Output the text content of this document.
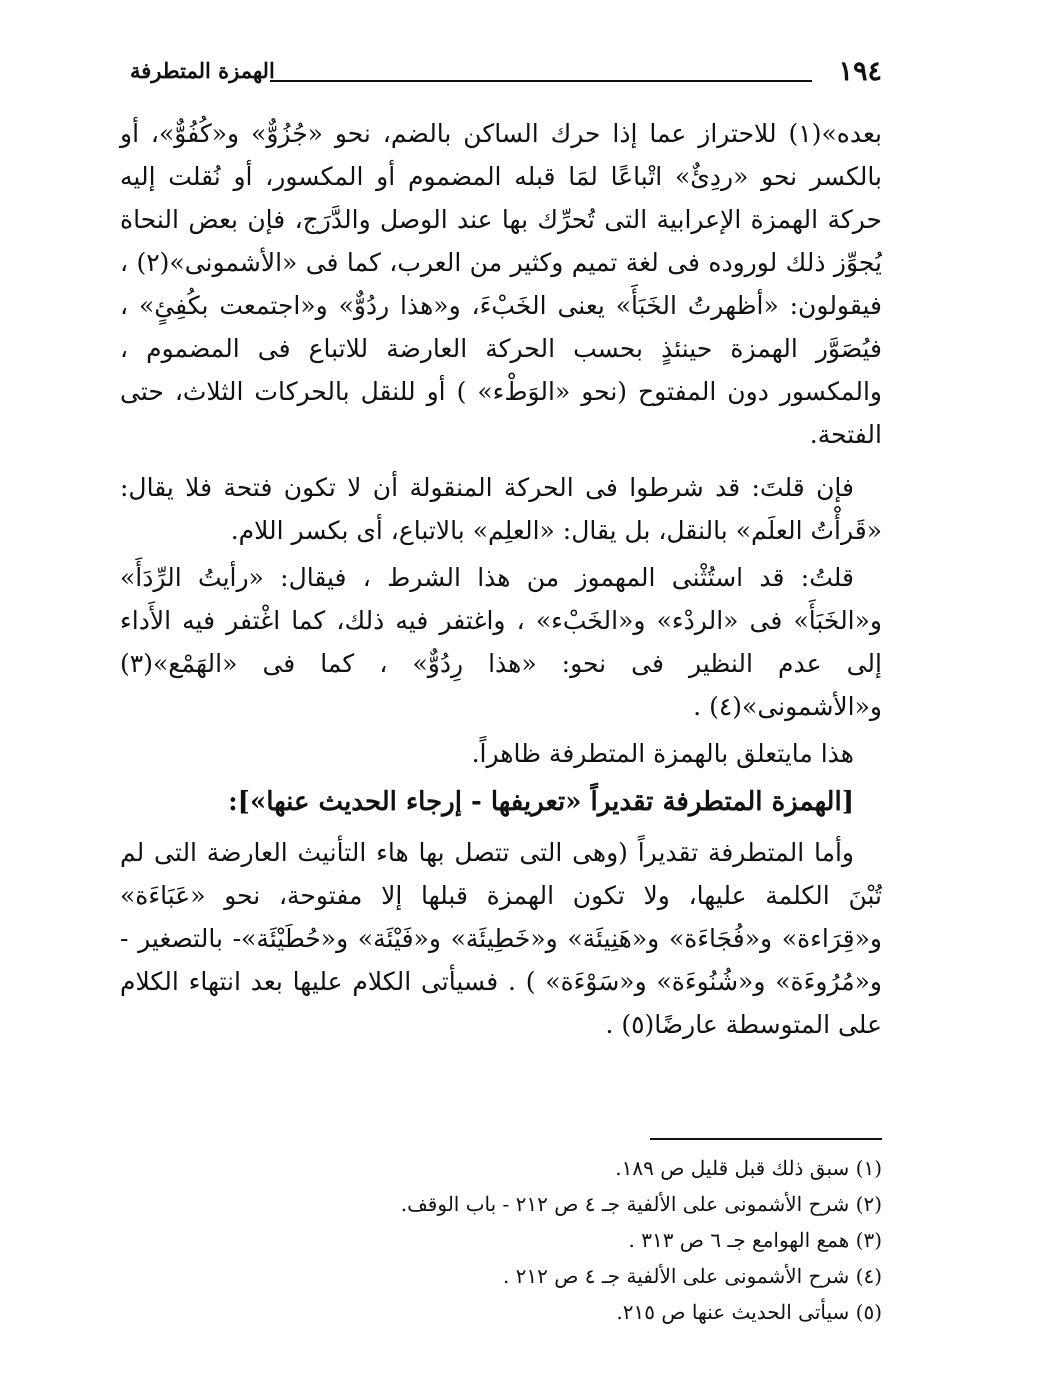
١٩٤
الهمزة المتطرفة

بعده»(١) للاحتراز عما إذا حرك الساكن بالضم، نحو «جُزُوٌّ» و«كُفُوٌّ»، أو بالكسر نحو «ردِئٌ» اتْباعًا لمَا قبله المضموم أو المكسور، أو نُقلت إليه حركة الهمزة الإعرابية التى تُحرِّك بها عند الوصل والدَّرَج، فإن بعض النحاة يُجوِّز ذلك لوروده فى لغة تميم وكثير من العرب، كما فى «الأشمونى»(٢) ، فيقولون: «أظهرتُ الخَبَأَ» يعنى الخَبْءَ، و«هذا ردُوٌّ» و«اجتمعت بكُفِئٍ» ، فيُصَوَّر الهمزة حينئذٍ بحسب الحركة العارضة للاتباع فى المضموم ، والمكسور دون المفتوح (نحو «الوَطْء» ) أو للنقل بالحركات الثلاث، حتى الفتحة.

فإن قلتَ: قد شرطوا فى الحركة المنقولة أن لا تكون فتحة فلا يقال: «قَرأْتُ العلَم» بالنقل، بل يقال: «العلِم» بالاتباع، أى بكسر اللام.

قلتُ: قد استُثْنى المهموز من هذا الشرط ، فيقال: «رأيتُ الرِّدَأَ» و«الخَبَأَ» فى «الردْء» و«الخَبْء» ، واغتفر فيه ذلك، كما اغْتفر فيه الأَداء إلى عدم النظير فى نحو: «هذا رِدُوٌّ» ، كما فى «الهَمْع»(٣) و«الأشمونى»(٤) .

هذا مايتعلق بالهمزة المتطرفة ظاهراً.

[الهمزة المتطرفة تقديراً «تعريفها - إرجاء الحديث عنها»]:

وأما المتطرفة تقديراً (وهى التى تتصل بها هاء التأنيث العارضة التى لم تُبْنَ الكلمة عليها، ولا تكون الهمزة قبلها إلا مفتوحة، نحو «عَبَاءَة» و«قِرَاءة» و«فُجَاءَة» و«هَنِيئَة» و«خَطِيئَة» و«فَيْئَة» و«حُطَيْئَة»- بالتصغير - و«مُرُوءَة» و«شُنُوءَة» و«سَوْءَة» ) . فسيأتى الكلام عليها بعد انتهاء الكلام على المتوسطة عارضًا(٥) .

(١) سبق ذلك قبل قليل ص ١٨٩.
(٢) شرح الأشمونى على الألفية جـ ٤ ص ٢١٢ - باب الوقف.
(٣) همع الهوامع جـ ٦ ص ٣١٣ .
(٤) شرح الأشمونى على الألفية جـ ٤ ص ٢١٢ .
(٥) سيأتى الحديث عنها ص ٢١٥.
